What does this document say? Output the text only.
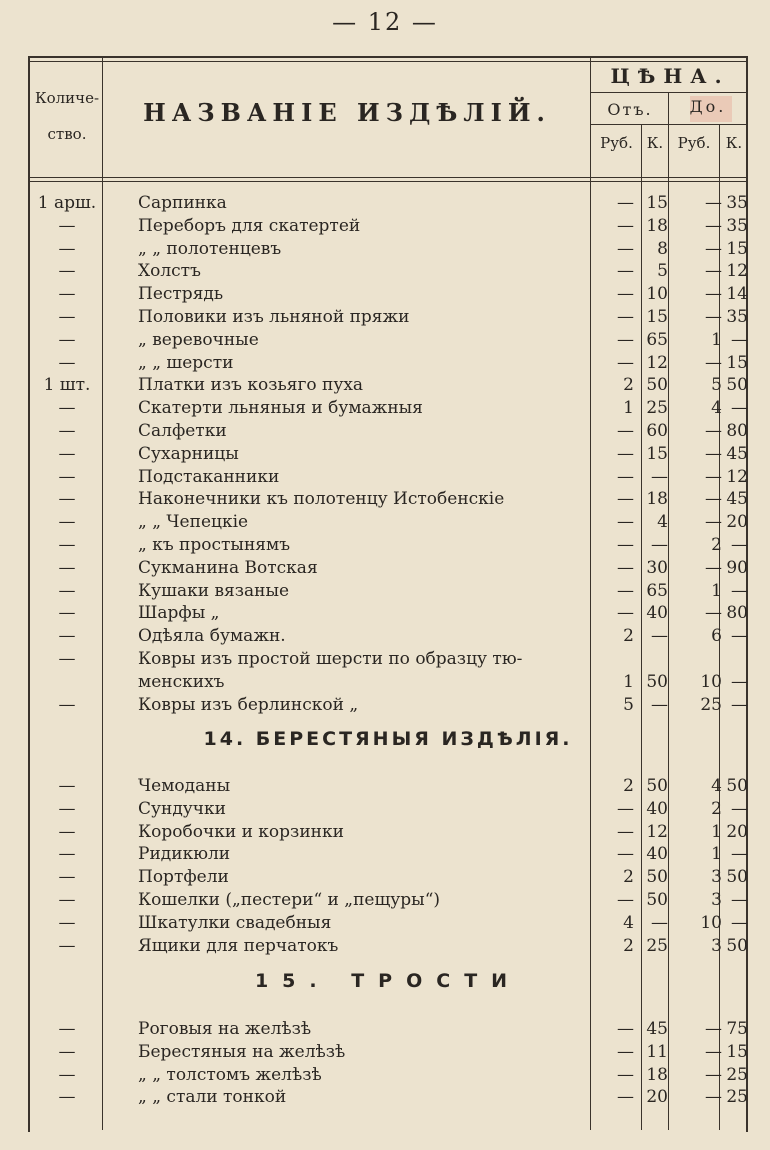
— 12 —
Количе-
ство.
НАЗВАНІЕ ИЗДѢЛІЙ.
ЦѢНА.
Отъ.	До.
Руб. К. Руб.	К.
1 арш.	Сарпинка	— 15	— 35
—	Переборъ для скатертей	— 18	— 35
—	„ „ полотенцевъ	—	8	— 15
—	Холстъ	—	5	— 12
—	Пестрядь	— 10	— 14
—	Половики изъ льняной пряжи	— 15	— 35
—	„ веревочные	— 65	1 —
—	„ „ шерсти	— 12	— 15
1 шт.	Платки изъ козьяго пуха	2 50	5 50
—	Скатерти льняныя и бумажныя	1 25	4 —
—	Салфетки	— 60	— 80
—	Сухарницы	— 15	— 45
—	Подстаканники	—	—	— 12
—	Наконечники къ полотенцу Истобенскіе	— 18	— 45
—	„ „ Чепецкіе	—	4	— 20
—	„ къ простынямъ	—	—	2 —
—	Сукманина Вотская	— 30	— 90
—	Кушаки вязаные	— 65	1 —
—	Шарфы „	— 40	— 80
—	Одѣяла бумажн.	2	—	6 —
—	Ковры изъ простой шерсти по образцу тю-
менскихъ	1 50	10 —
—	Ковры изъ берлинской „	5	—	25 —
14. БЕРЕСТЯНЫЯ ИЗДѢЛІЯ.
—	Чемоданы	2 50	4 50
—	Сундучки	— 40	2 —
—	Коробочки и корзинки	— 12	1 20
—	Ридикюли	— 40	1 —
—	Портфели	2 50	3 50
—	Кошелки („пестери“ и „пещуры“)	— 50	3 —
—	Шкатулки свадебныя	4	—	10 —
—	Ящики для перчатокъ	2 25	3 50
15. ТРОСТИ
—	Роговыя на желѣзѣ	— 45	— 75
—	Берестяныя на желѣзѣ	— 11	— 15
—	„ „ толстомъ желѣзѣ	— 18	— 25
—	„ „ стали тонкой	— 20	— 25
